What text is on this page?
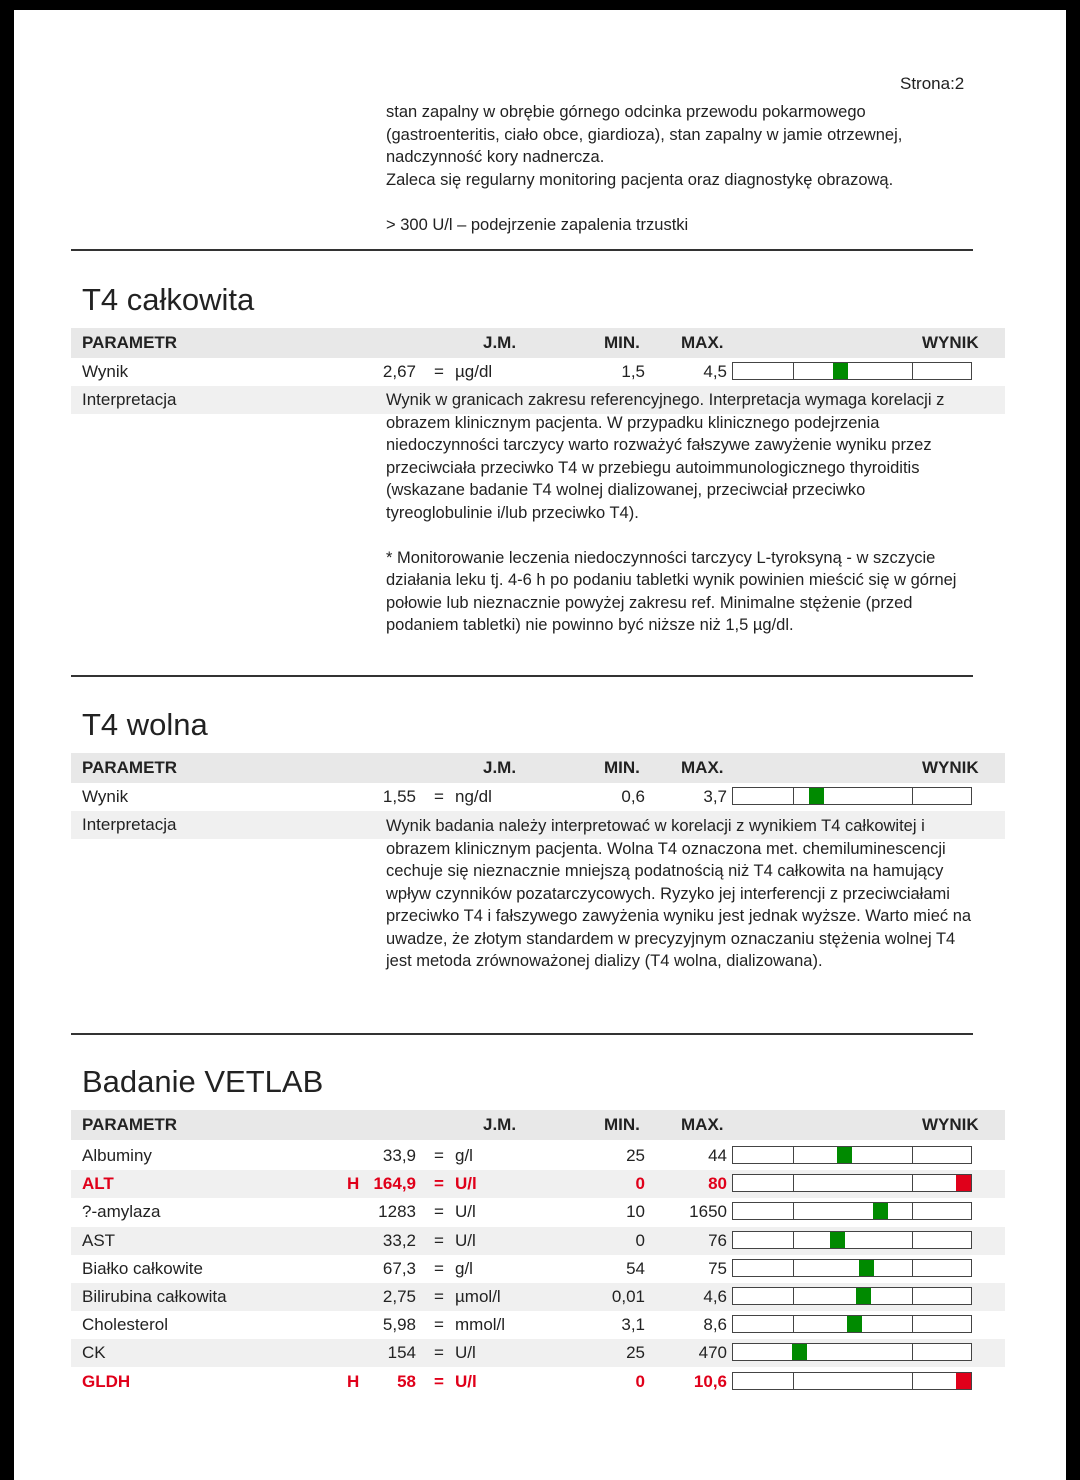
Strona:2
stan zapalny w obrębie górnego odcinka przewodu pokarmowego
(gastroenteritis, ciało obce, giardioza), stan zapalny w jamie otrzewnej,
nadczynność kory nadnercza.
Zaleca się regularny monitoring pacjenta oraz diagnostykę obrazową.

> 300 U/l – podejrzenie zapalenia trzustki
T4 całkowita
PARAMETR	J.M.	MIN. MAX.	WYNIK
Wynik	2,67 = µg/dl	1,5	4,5
Interpretacja	Wynik w granicach zakresu referencyjnego. Interpretacja wymaga korelacji z
obrazem klinicznym pacjenta. W przypadku klinicznego podejrzenia
niedoczynności tarczycy warto rozważyć fałszywe zawyżenie wyniku przez
przeciwciała przeciwko T4 w przebiegu autoimmunologicznego thyroiditis
(wskazane badanie T4 wolnej dializowanej, przeciwciał przeciwko
tyreoglobulinie i/lub przeciwko T4).

* Monitorowanie leczenia niedoczynności tarczycy L-tyroksyną - w szczycie
działania leku tj. 4-6 h po podaniu tabletki wynik powinien mieścić się w górnej
połowie lub nieznacznie powyżej zakresu ref. Minimalne stężenie (przed
podaniem tabletki) nie powinno być niższe niż 1,5 µg/dl.
T4 wolna
PARAMETR	J.M.	MIN. MAX.	WYNIK
Wynik	1,55 = ng/dl	0,6	3,7
Interpretacja	Wynik badania należy interpretować w korelacji z wynikiem T4 całkowitej i
obrazem klinicznym pacjenta. Wolna T4 oznaczona met. chemiluminescencji
cechuje się nieznacznie mniejszą podatnością niż T4 całkowita na hamujący
wpływ czynników pozatarczycowych. Ryzyko jej interferencji z przeciwciałami
przeciwko T4 i fałszywego zawyżenia wyniku jest jednak wyższe. Warto mieć na
uwadze, że złotym standardem w precyzyjnym oznaczaniu stężenia wolnej T4
jest metoda zrównoważonej dializy (T4 wolna, dializowana).
Badanie VETLAB
PARAMETR	J.M.	MIN. MAX.	WYNIK
Albuminy	33,9 = g/l	25	44
ALT	H 164,9 = U/l	0	80
?-amylaza	1283 = U/l	10	1650
AST	33,2 = U/l	0	76
Białko całkowite	67,3 = g/l	54	75
Bilirubina całkowita	2,75 = µmol/l	0,01	4,6
Cholesterol	5,98 = mmol/l	3,1	8,6
CK	154 = U/l	25	470
GLDH	H 58 = U/l	0	10,6
